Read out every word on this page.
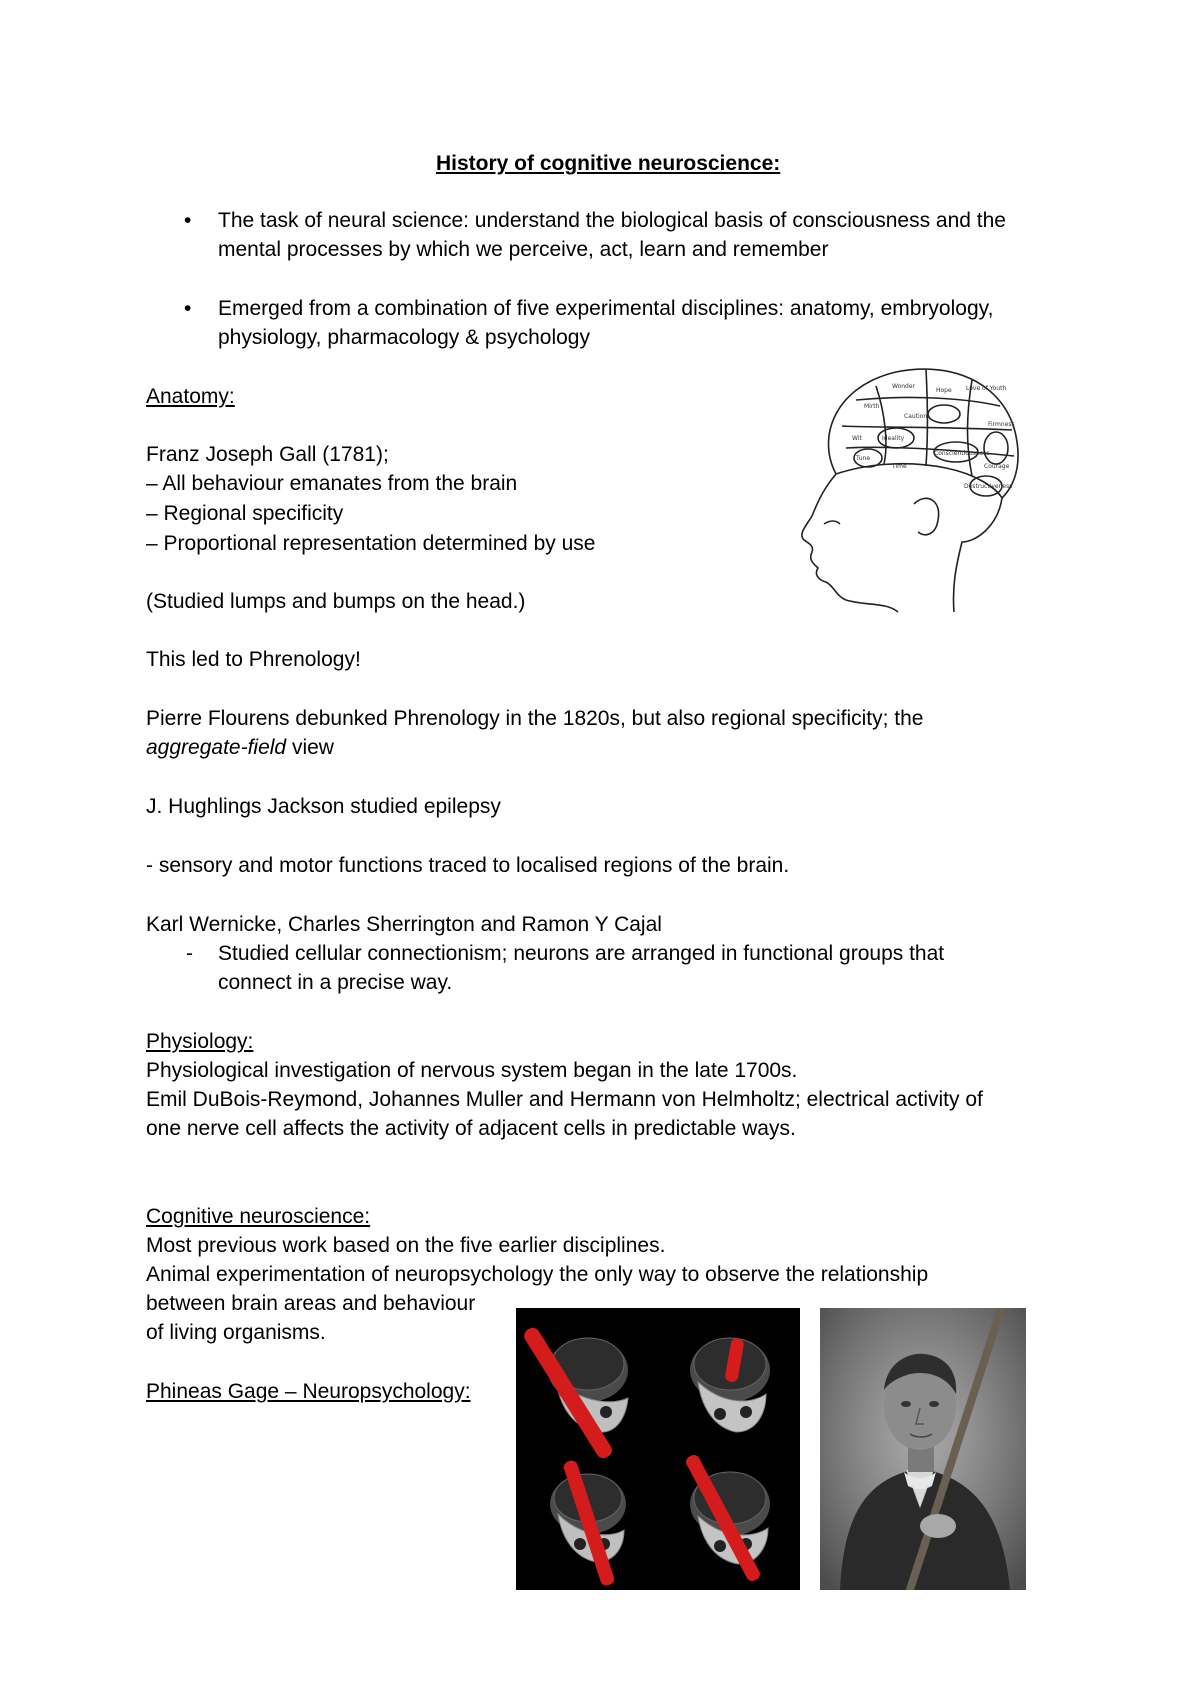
History of cognitive neuroscience:
• The task of neural science: understand the biological basis of consciousness and the
mental processes by which we perceive, act, learn and remember
• Emerged from a combination of five experimental disciplines: anatomy, embryology,
physiology, pharmacology & psychology
Anatomy:
Franz Joseph Gall (1781);
– All behaviour emanates from the brain
– Regional specificity
– Proportional representation determined by use
(Studied lumps and bumps on the head.)
This led to Phrenology!
Pierre Flourens debunked Phrenology in the 1820s, but also regional specificity; the
aggregate-field view
J. Hughlings Jackson studied epilepsy
- sensory and motor functions traced to localised regions of the brain.
Karl Wernicke, Charles Sherrington and Ramon Y Cajal
- Studied cellular connectionism; neurons are arranged in functional groups that
connect in a precise way.
Physiology:
Physiological investigation of nervous system began in the late 1700s.
Emil DuBois-Reymond, Johannes Muller and Hermann von Helmholtz; electrical activity of
one nerve cell affects the activity of adjacent cells in predictable ways.
Cognitive neuroscience:
Most previous work based on the five earlier disciplines.
Animal experimentation of neuropsychology the only way to observe the relationship
between brain areas and behaviour
of living organisms.
Phineas Gage – Neuropsychology:
Hope Love of Youth
Wit	Ideality
Conscientiousness
Tune
Destructiveness
Courage
Firmness
Caution
Mirth
Time
Wonder
